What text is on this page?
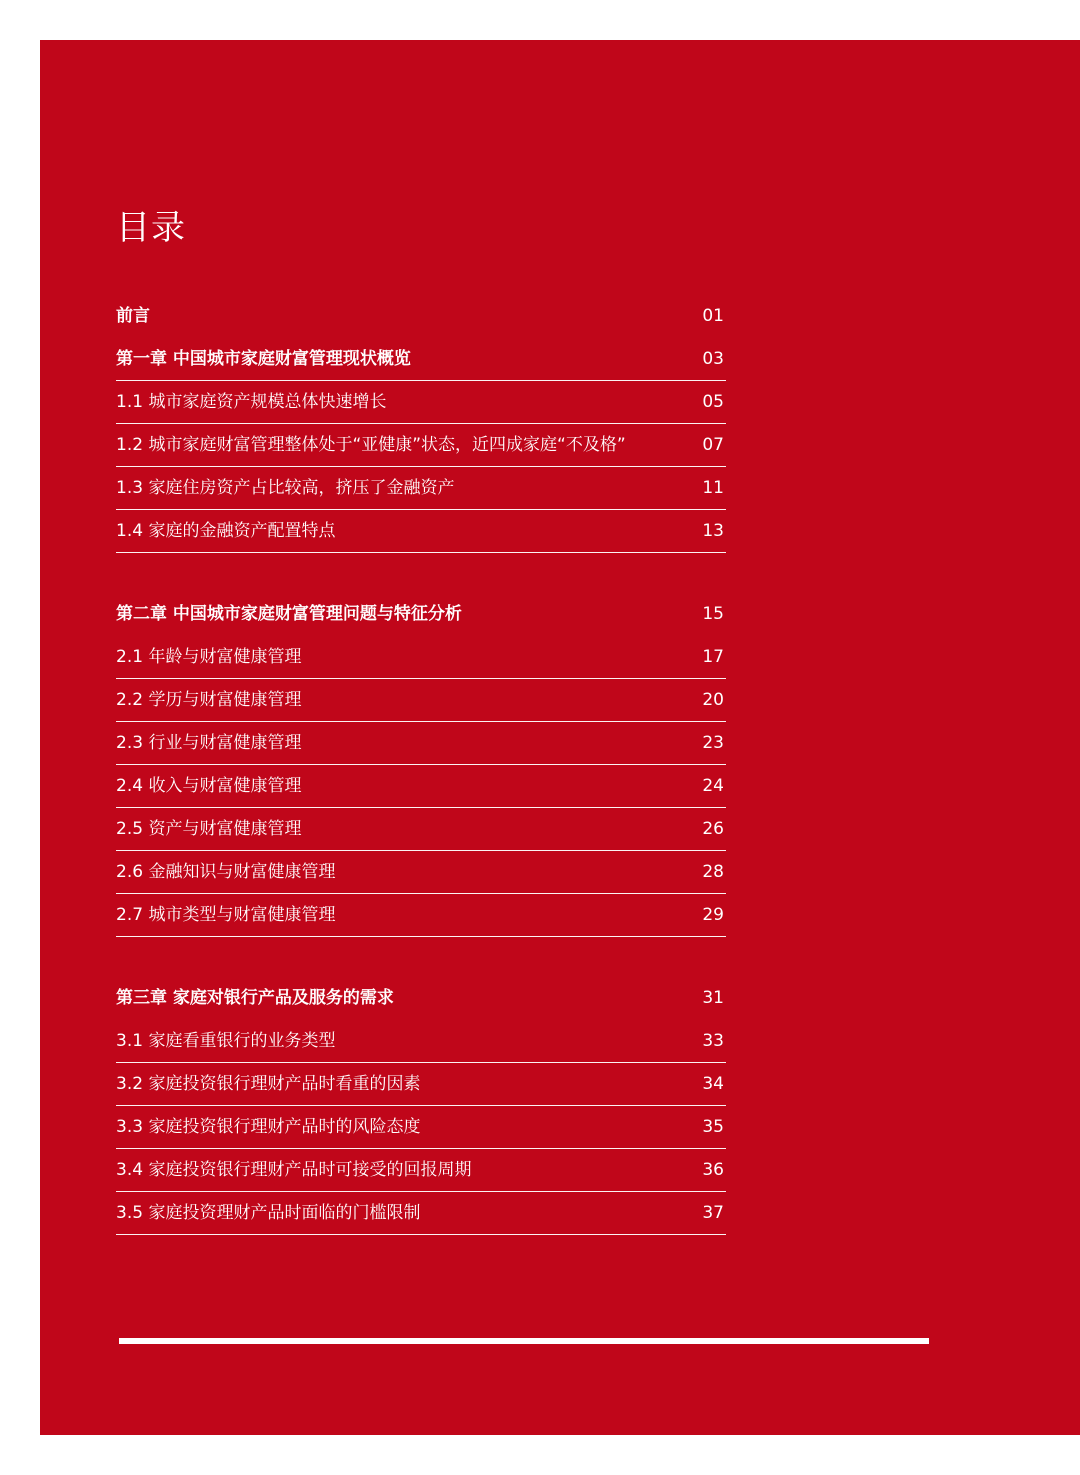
目录
前言	01
第一章 中国城市家庭财富管理现状概览	03
1.1 城市家庭资产规模总体快速增长	05
1.2 城市家庭财富管理整体处于“亚健康”状态，近四成家庭“不及格”	07
1.3 家庭住房资产占比较高，挤压了金融资产	11
1.4 家庭的金融资产配置特点	13
第二章 中国城市家庭财富管理问题与特征分析	15
2.1 年龄与财富健康管理	17
2.2 学历与财富健康管理	20
2.3 行业与财富健康管理	23
2.4 收入与财富健康管理	24
2.5 资产与财富健康管理	26
2.6 金融知识与财富健康管理	28
2.7 城市类型与财富健康管理	29
第三章 家庭对银行产品及服务的需求	31
3.1 家庭看重银行的业务类型	33
3.2 家庭投资银行理财产品时看重的因素	34
3.3 家庭投资银行理财产品时的风险态度	35
3.4 家庭投资银行理财产品时可接受的回报周期	36
3.5 家庭投资理财产品时面临的门槛限制	37
